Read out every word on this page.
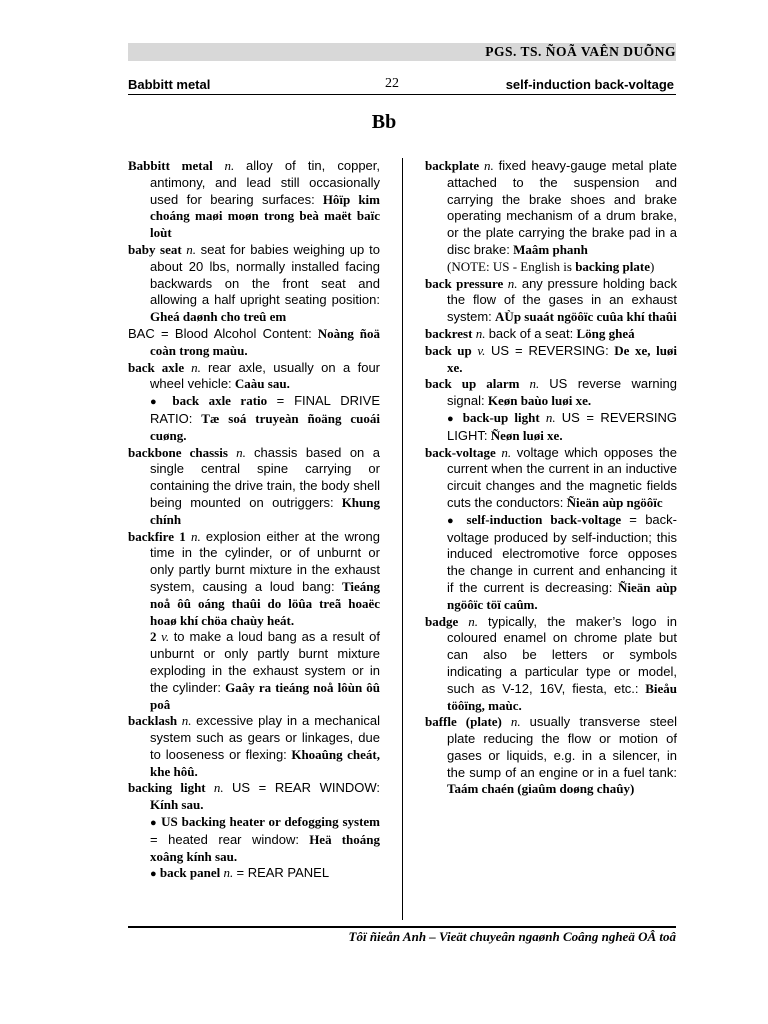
PGS. TS. ÑOÃ VAÊN DUÕNG
Babbitt metal	22	self-induction back-voltage
Bb

Babbitt metal n. alloy of tin, copper, antimony, and lead still occasionally used for bearing surfaces: Hôïp kim choáng maøi moøn trong beà maët baïc loùt

baby seat n. seat for babies weighing up to about 20 lbs, normally installed facing backwards on the front seat and allowing a half upright seating position: Gheá daønh cho treû em

BAC = Blood Alcohol Content: Noàng ñoä coàn trong maùu.

back axle n. rear axle, usually on a four wheel vehicle: Caàu sau.

● back axle ratio = FINAL DRIVE RATIO: Tæ soá truyeàn ñoäng cuoái cuøng.

backbone chassis n. chassis based on a single central spine carrying or containing the drive train, the body shell being mounted on outriggers: Khung chính

backfire 1 n. explosion either at the wrong time in the cylinder, or of unburnt or only partly burnt mixture in the exhaust system, causing a loud bang: Tieáng noå ôû oáng thaûi do löûa treã hoaëc hoaø khí chöa chaùy heát.

2 v. to make a loud bang as a result of unburnt or only partly burnt mixture exploding in the exhaust system or in the cylinder: Gaây ra tieáng noå lôùn ôû poâ

backlash n. excessive play in a mechanical system such as gears or linkages, due to looseness or flexing: Khoaûng cheát, khe hôû.

backing light n. US = REAR WINDOW: Kính sau.

● US backing heater or defogging system = heated rear window: Heä thoáng xoâng kính sau.

● back panel n. = REAR PANEL

backplate n. fixed heavy-gauge metal plate attached to the suspension and carrying the brake shoes and brake operating mechanism of a drum brake, or the plate carrying the brake pad in a disc brake: Maâm phanh

(NOTE: US - English is backing plate)

back pressure n. any pressure holding back the flow of the gases in an exhaust system: AÙp suaát ngöôïc cuûa khí thaûi

backrest n. back of a seat: Löng gheá

back up v. US = REVERSING: De xe, luøi xe.

back up alarm n. US reverse warning signal: Keøn baùo luøi xe.

● back-up light n. US = REVERSING LIGHT: Ñeøn luøi xe.

back-voltage n. voltage which opposes the current when the current in an inductive circuit changes and the magnetic fields cuts the conductors: Ñieän aùp ngöôïc

● self-induction back-voltage = back-voltage produced by self-induction; this induced electromotive force opposes the change in current and enhancing it if the current is decreasing: Ñieän aùp ngöôïc töï caûm.

badge n. typically, the maker’s logo in coloured enamel on chrome plate but can also be letters or symbols indicating a particular type or model, such as V-12, 16V, fiesta, etc.: Bieåu töôïng, maùc.

baffle (plate) n. usually transverse steel plate reducing the flow or motion of gases or liquids, e.g. in a silencer, in the sump of an engine or in a fuel tank: Taám chaén (giaûm doøng chaûy)

Tôï ñieån Anh – Vieät chuyeân ngaønh Coâng ngheä OÂ toâ
